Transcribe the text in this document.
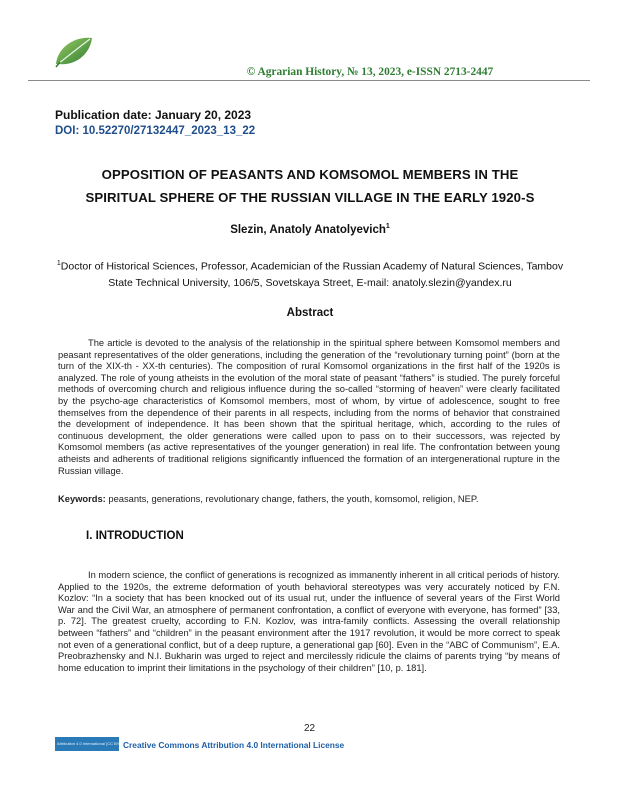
© Agrarian History, № 13, 2023, e-ISSN 2713-2447
Publication date: January 20, 2023
DOI: 10.52270/27132447_2023_13_22
OPPOSITION OF PEASANTS AND KOMSOMOL MEMBERS IN THE
SPIRITUAL SPHERE OF THE RUSSIAN VILLAGE IN THE EARLY 1920-S
Slezin, Anatoly Anatolyevich$^1$
$^1$Doctor of Historical Sciences, Professor, Academician of the Russian Academy of Natural Sciences, Tambov State Technical University, 106/5, Sovetskaya Street, E-mail: anatoly.slezin@yandex.ru
Abstract

The article is devoted to the analysis of the relationship in the spiritual sphere between Komsomol members and peasant representatives of the older generations, including the generation of the “revolutionary turning point” (born at the turn of the XIX-th - XX-th centuries). The composition of rural Komsomol organizations in the first half of the 1920s is analyzed. The role of young atheists in the evolution of the moral state of peasant “fathers” is studied. The purely forceful methods of overcoming church and religious influence during the so-called “storming of heaven” were clearly facilitated by the psycho-age characteristics of Komsomol members, most of whom, by virtue of adolescence, sought to free themselves from the dependence of their parents in all respects, including from the norms of behavior that constrained the development of independence. It has been shown that the spiritual heritage, which, according to the rules of continuous development, the older generations were called upon to pass on to their successors, was rejected by Komsomol members (as active representatives of the younger generation) in real life. The confrontation between young atheists and adherents of traditional religions significantly influenced the formation of an intergenerational rupture in the Russian village.

Keywords: peasants, generations, revolutionary change, fathers, the youth, komsomol, religion, NEP.

I. INTRODUCTION

In modern science, the conflict of generations is recognized as immanently inherent in all critical periods of history. Applied to the 1920s, the extreme deformation of youth behavioral stereotypes was very accurately noticed by F.N. Kozlov: “In a society that has been knocked out of its usual rut, under the influence of several years of the First World War and the Civil War, an atmosphere of permanent confrontation, a conflict of everyone with everyone, has formed” [33, p. 72]. The greatest cruelty, according to F.N. Kozlov, was intra-family conflicts. Assessing the overall relationship between “fathers” and “children” in the peasant environment after the 1917 revolution, it would be more correct to speak not even of a generational conflict, but of a deep rupture, a generational gap [60]. Even in the “ABC of Communism”, E.A. Preobrazhensky and N.I. Bukharin was urged to reject and mercilessly ridicule the claims of parents trying “by means of home education to imprint their limitations in the psychology of their children” [10, p. 181].

22
Attribution 4.0 International (CC BY 4.0)
Creative Commons Attribution 4.0 International License
